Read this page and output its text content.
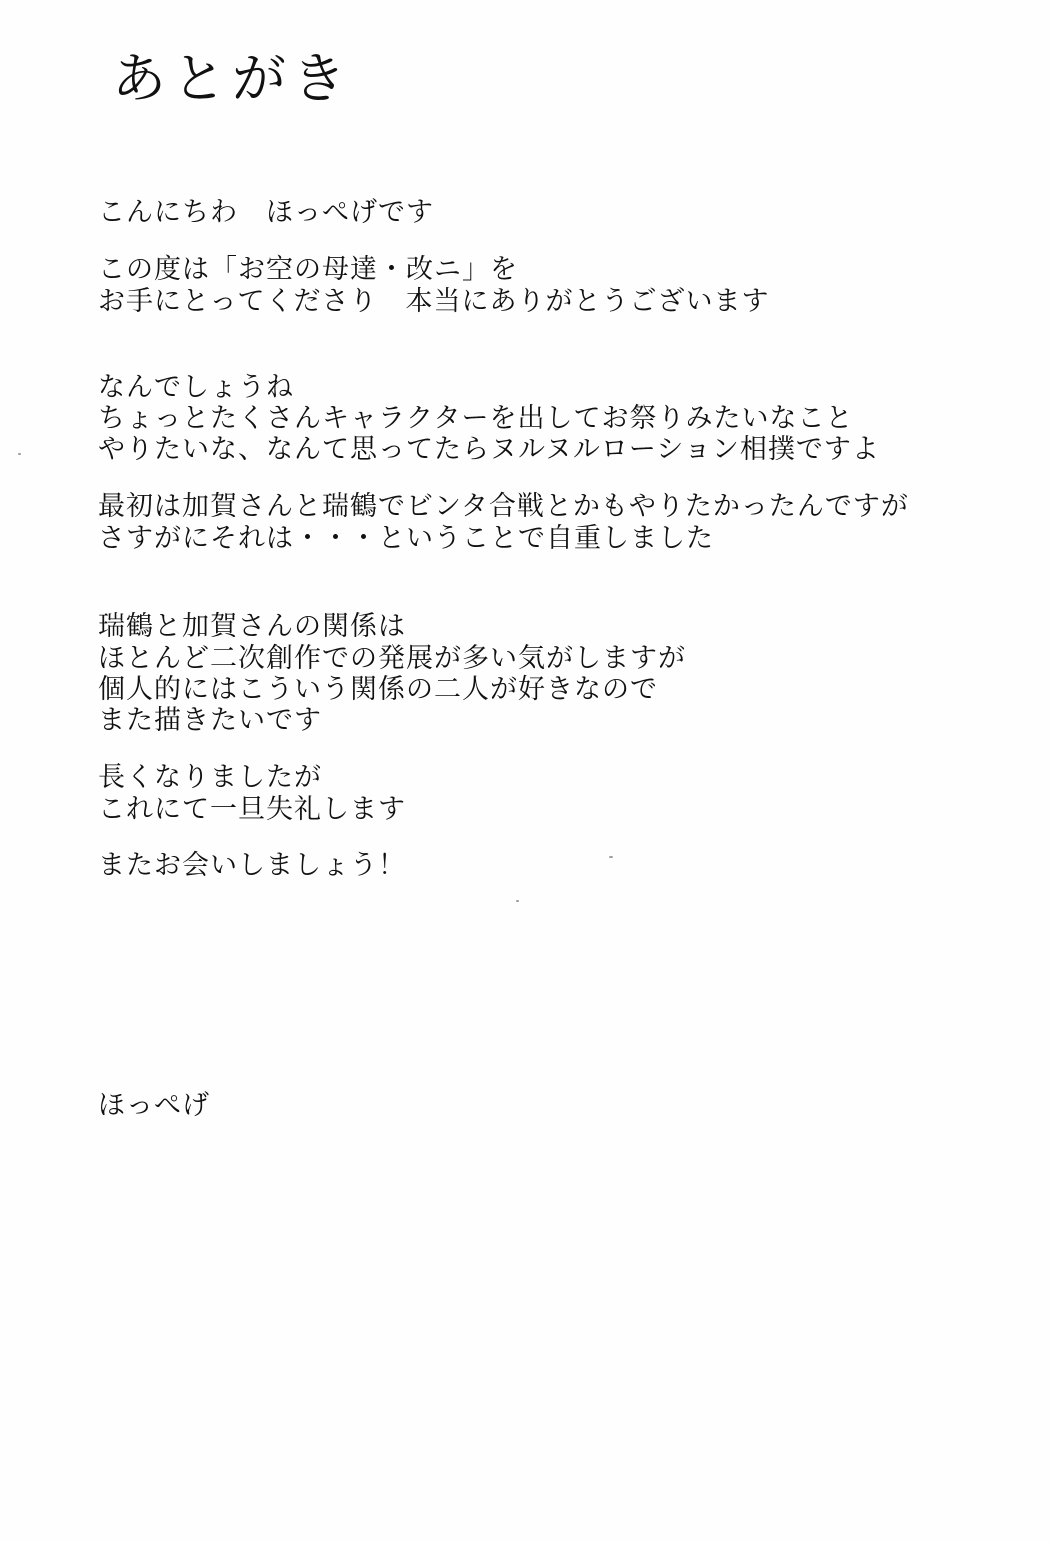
あとがき
こんにちわ　ほっぺげです
この度は「お空の母達・改ニ」を
お手にとってくださり　本当にありがとうございます
なんでしょうね
ちょっとたくさんキャラクターを出してお祭りみたいなこと
やりたいな、なんて思ってたらヌルヌルローション相撲ですよ
最初は加賀さんと瑞鶴でビンタ合戦とかもやりたかったんですが
さすがにそれは・・・ということで自重しました
瑞鶴と加賀さんの関係は
ほとんど二次創作での発展が多い気がしますが
個人的にはこういう関係の二人が好きなので
また描きたいです
長くなりましたが
これにて一旦失礼します
またお会いしましょう！
ほっぺげ
